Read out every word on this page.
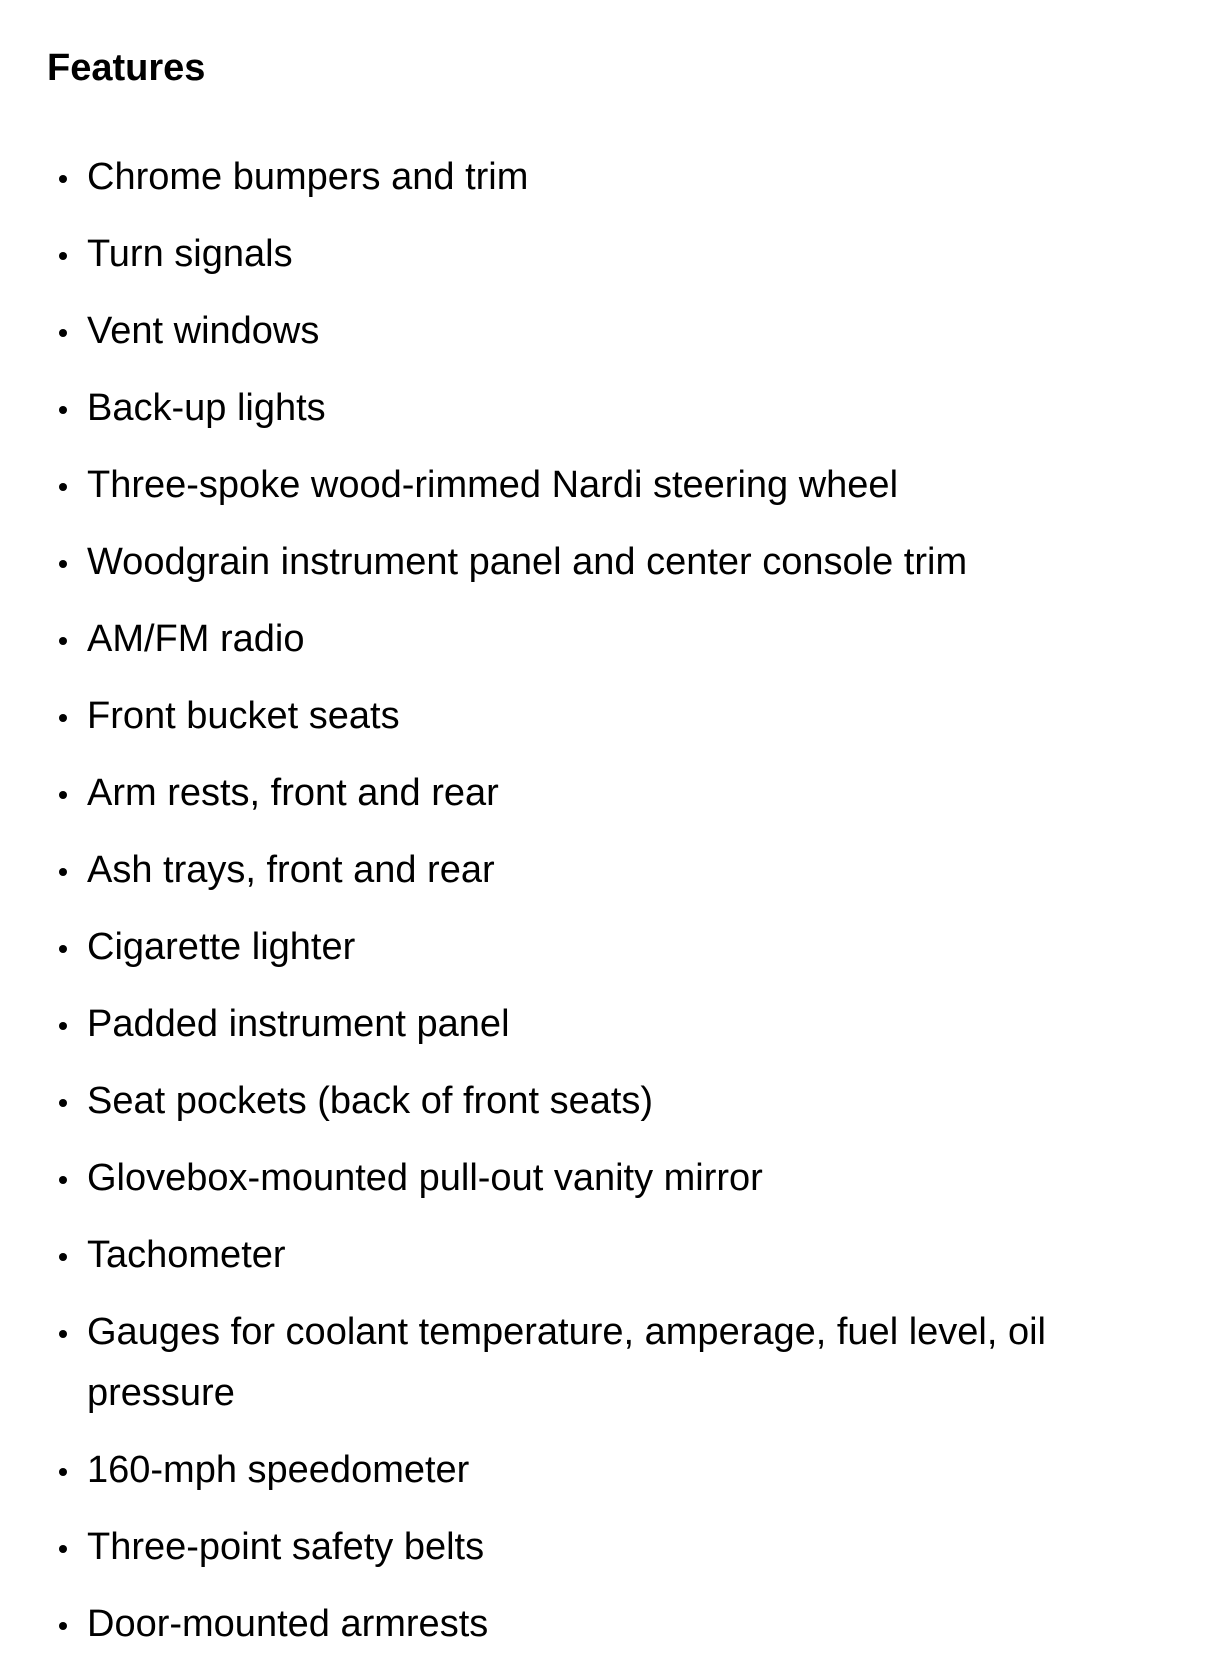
Features
Chrome bumpers and trim
Turn signals
Vent windows
Back-up lights
Three-spoke wood-rimmed Nardi steering wheel
Woodgrain instrument panel and center console trim
AM/FM radio
Front bucket seats
Arm rests, front and rear
Ash trays, front and rear
Cigarette lighter
Padded instrument panel
Seat pockets (back of front seats)
Glovebox-mounted pull-out vanity mirror
Tachometer
Gauges for coolant temperature, amperage, fuel level, oil pressure
160-mph speedometer
Three-point safety belts
Door-mounted armrests
